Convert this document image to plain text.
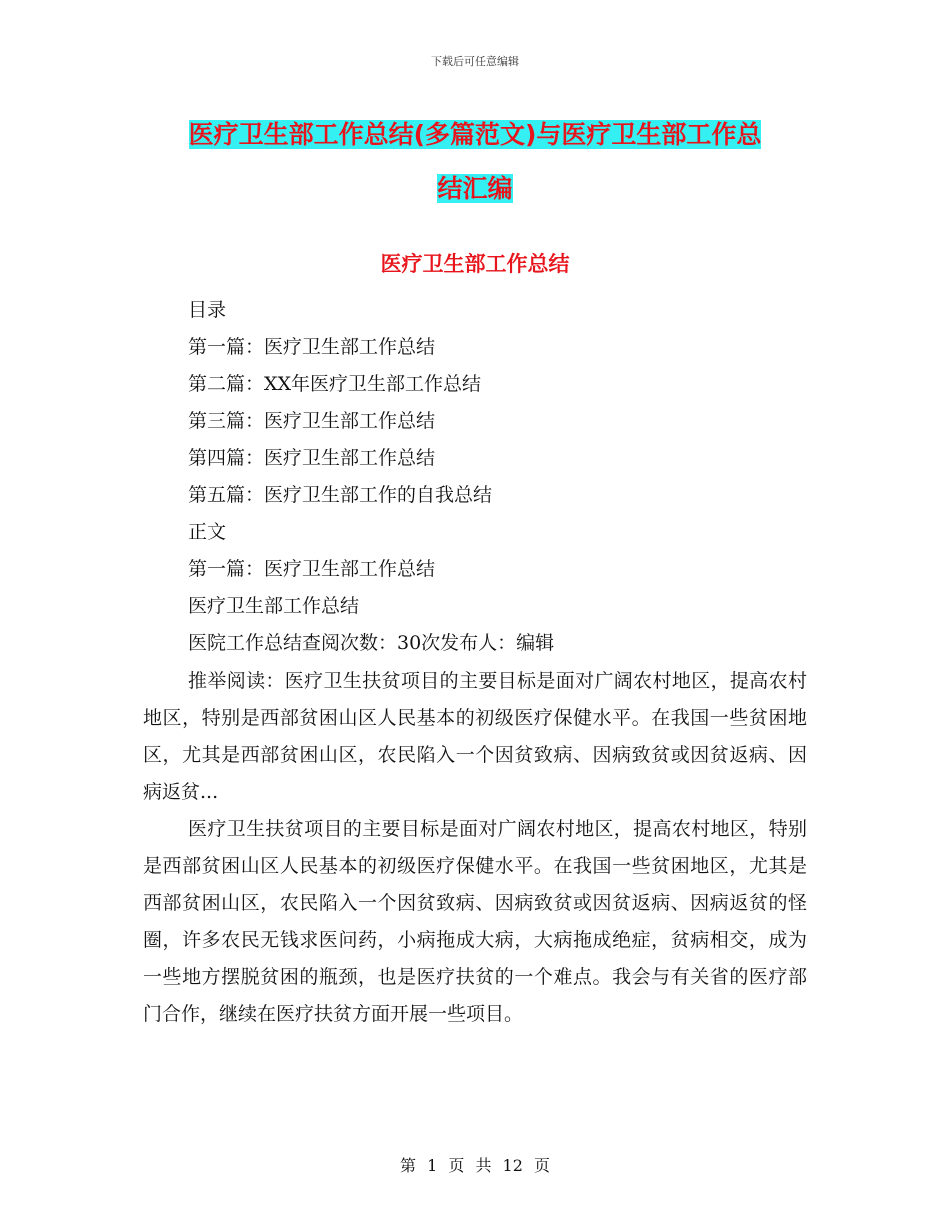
下载后可任意编辑
医疗卫生部工作总结(多篇范文)与医疗卫生部工作总
结汇编
医疗卫生部工作总结
目录
第一篇：医疗卫生部工作总结
第二篇：XX年医疗卫生部工作总结
第三篇：医疗卫生部工作总结
第四篇：医疗卫生部工作总结
第五篇：医疗卫生部工作的自我总结
正文
第一篇：医疗卫生部工作总结
医疗卫生部工作总结
医院工作总结查阅次数：30次发布人：编辑
推举阅读：医疗卫生扶贫项目的主要目标是面对广阔农村地区，提高农村地区，特别是西部贫困山区人民基本的初级医疗保健水平。在我国一些贫困地区，尤其是西部贫困山区，农民陷入一个因贫致病、因病致贫或因贫返病、因病返贫...
医疗卫生扶贫项目的主要目标是面对广阔农村地区，提高农村地区，特别是西部贫困山区人民基本的初级医疗保健水平。在我国一些贫困地区，尤其是西部贫困山区，农民陷入一个因贫致病、因病致贫或因贫返病、因病返贫的怪圈，许多农民无钱求医问药，小病拖成大病，大病拖成绝症，贫病相交，成为一些地方摆脱贫困的瓶颈，也是医疗扶贫的一个难点。我会与有关省的医疗部门合作，继续在医疗扶贫方面开展一些项目。
第 1 页 共 12 页
